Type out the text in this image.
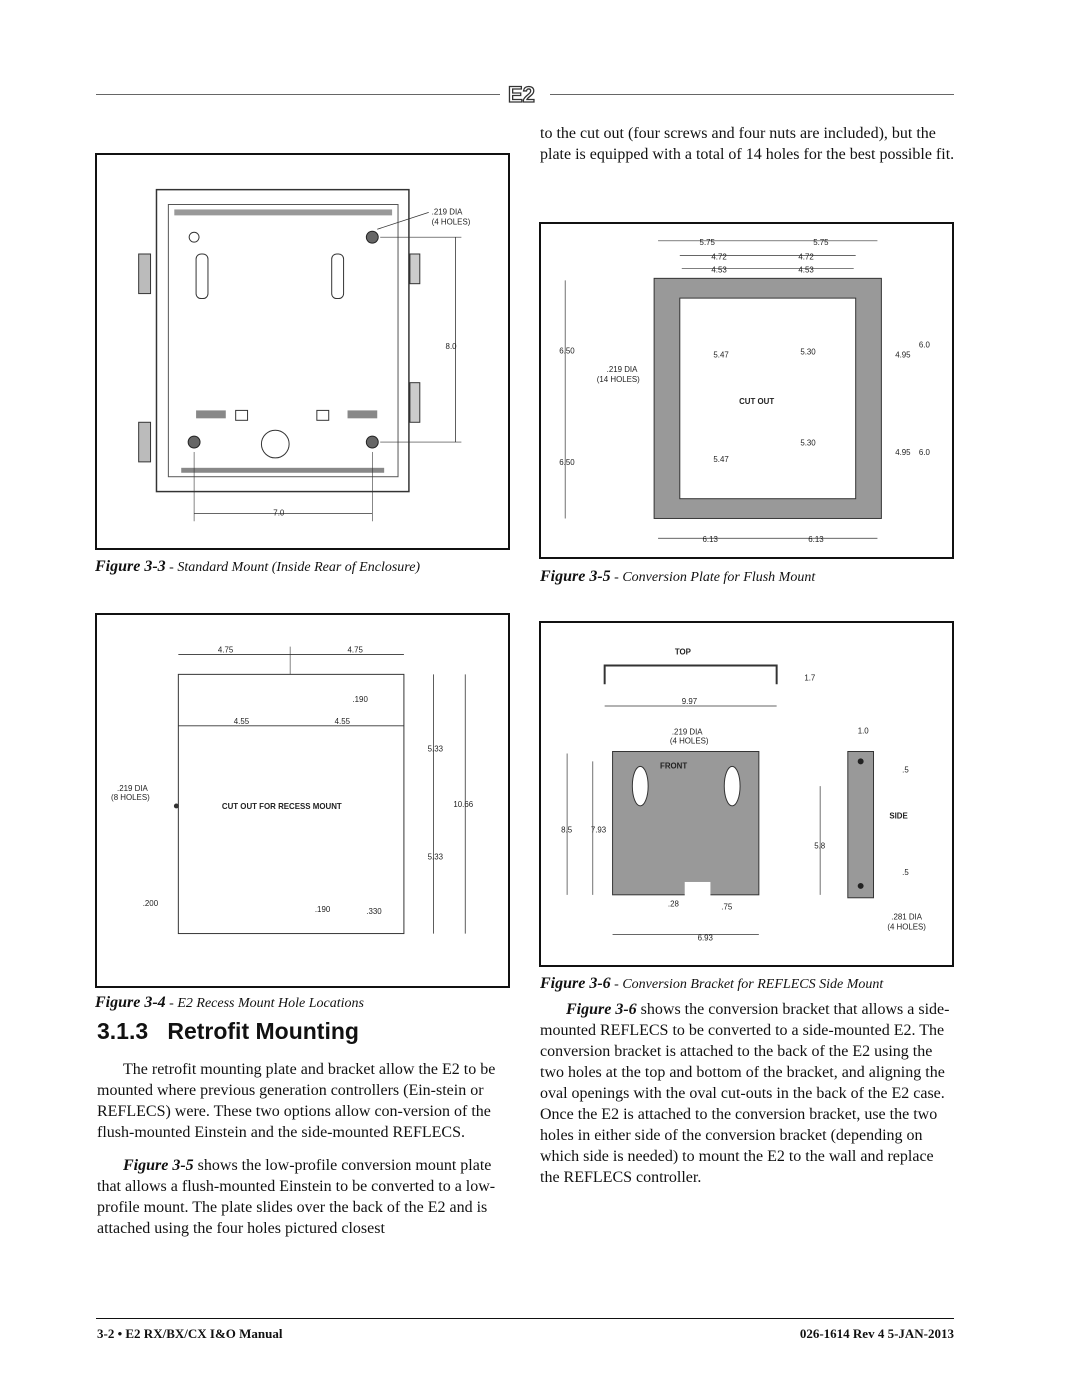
E2
.219 DIA
(4 HOLES)
8.0
7.0
Figure 3-3 - Standard Mount (Inside Rear of Enclosure)
4.75	4.75
4.55	4.55
.190
.219 DIA
(8 HOLES)
CUT OUT FOR RECESS MOUNT
5.33
5.33
10.66
.200
.190	.330
Figure 3-4 - E2 Recess Mount Hole Locations
3.1.3 Retrofit Mounting

The retrofit mounting plate and bracket allow the E2 to be mounted where previous generation controllers (Ein-stein or REFLECS) were. These two options allow con-version of the flush-mounted Einstein and the side-mounted REFLECS.

Figure 3-5 shows the low-profile conversion mount plate that allows a flush-mounted Einstein to be converted to a low-profile mount. The plate slides over the back of the E2 and is attached using the four holes pictured closest

to the cut out (four screws and four nuts are included), but the plate is equipped with a total of 14 holes for the best possible fit.

5.75	5.75
4.72	4.72
4.53	4.53
6.50
6.50
5.47
5.47
5.30
5.30
4.95
4.95
6.0
6.0
.219 DIA
(14 HOLES)
CUT OUT
6.13	6.13
Figure 3-5 - Conversion Plate for Flush Mount
TOP
1.7
9.97
.219 DIA
(4 HOLES)
FRONT
8.5 7.93
5.8
.28	.75
6.93
1.0
.5
SIDE
.5
.281 DIA
(4 HOLES)
Figure 3-6 - Conversion Bracket for REFLECS Side Mount

Figure 3-6 shows the conversion bracket that allows a side-mounted REFLECS to be converted to a side-mounted E2. The conversion bracket is attached to the back of the E2 using the two holes at the top and bottom of the bracket, and aligning the oval openings with the oval cut-outs in the back of the E2 case. Once the E2 is attached to the conversion bracket, use the two holes in either side of the conversion bracket (depending on which side is needed) to mount the E2 to the wall and replace the REFLECS controller.

3-2 • E2 RX/BX/CX I&O Manual	026-1614 Rev 4 5-JAN-2013
